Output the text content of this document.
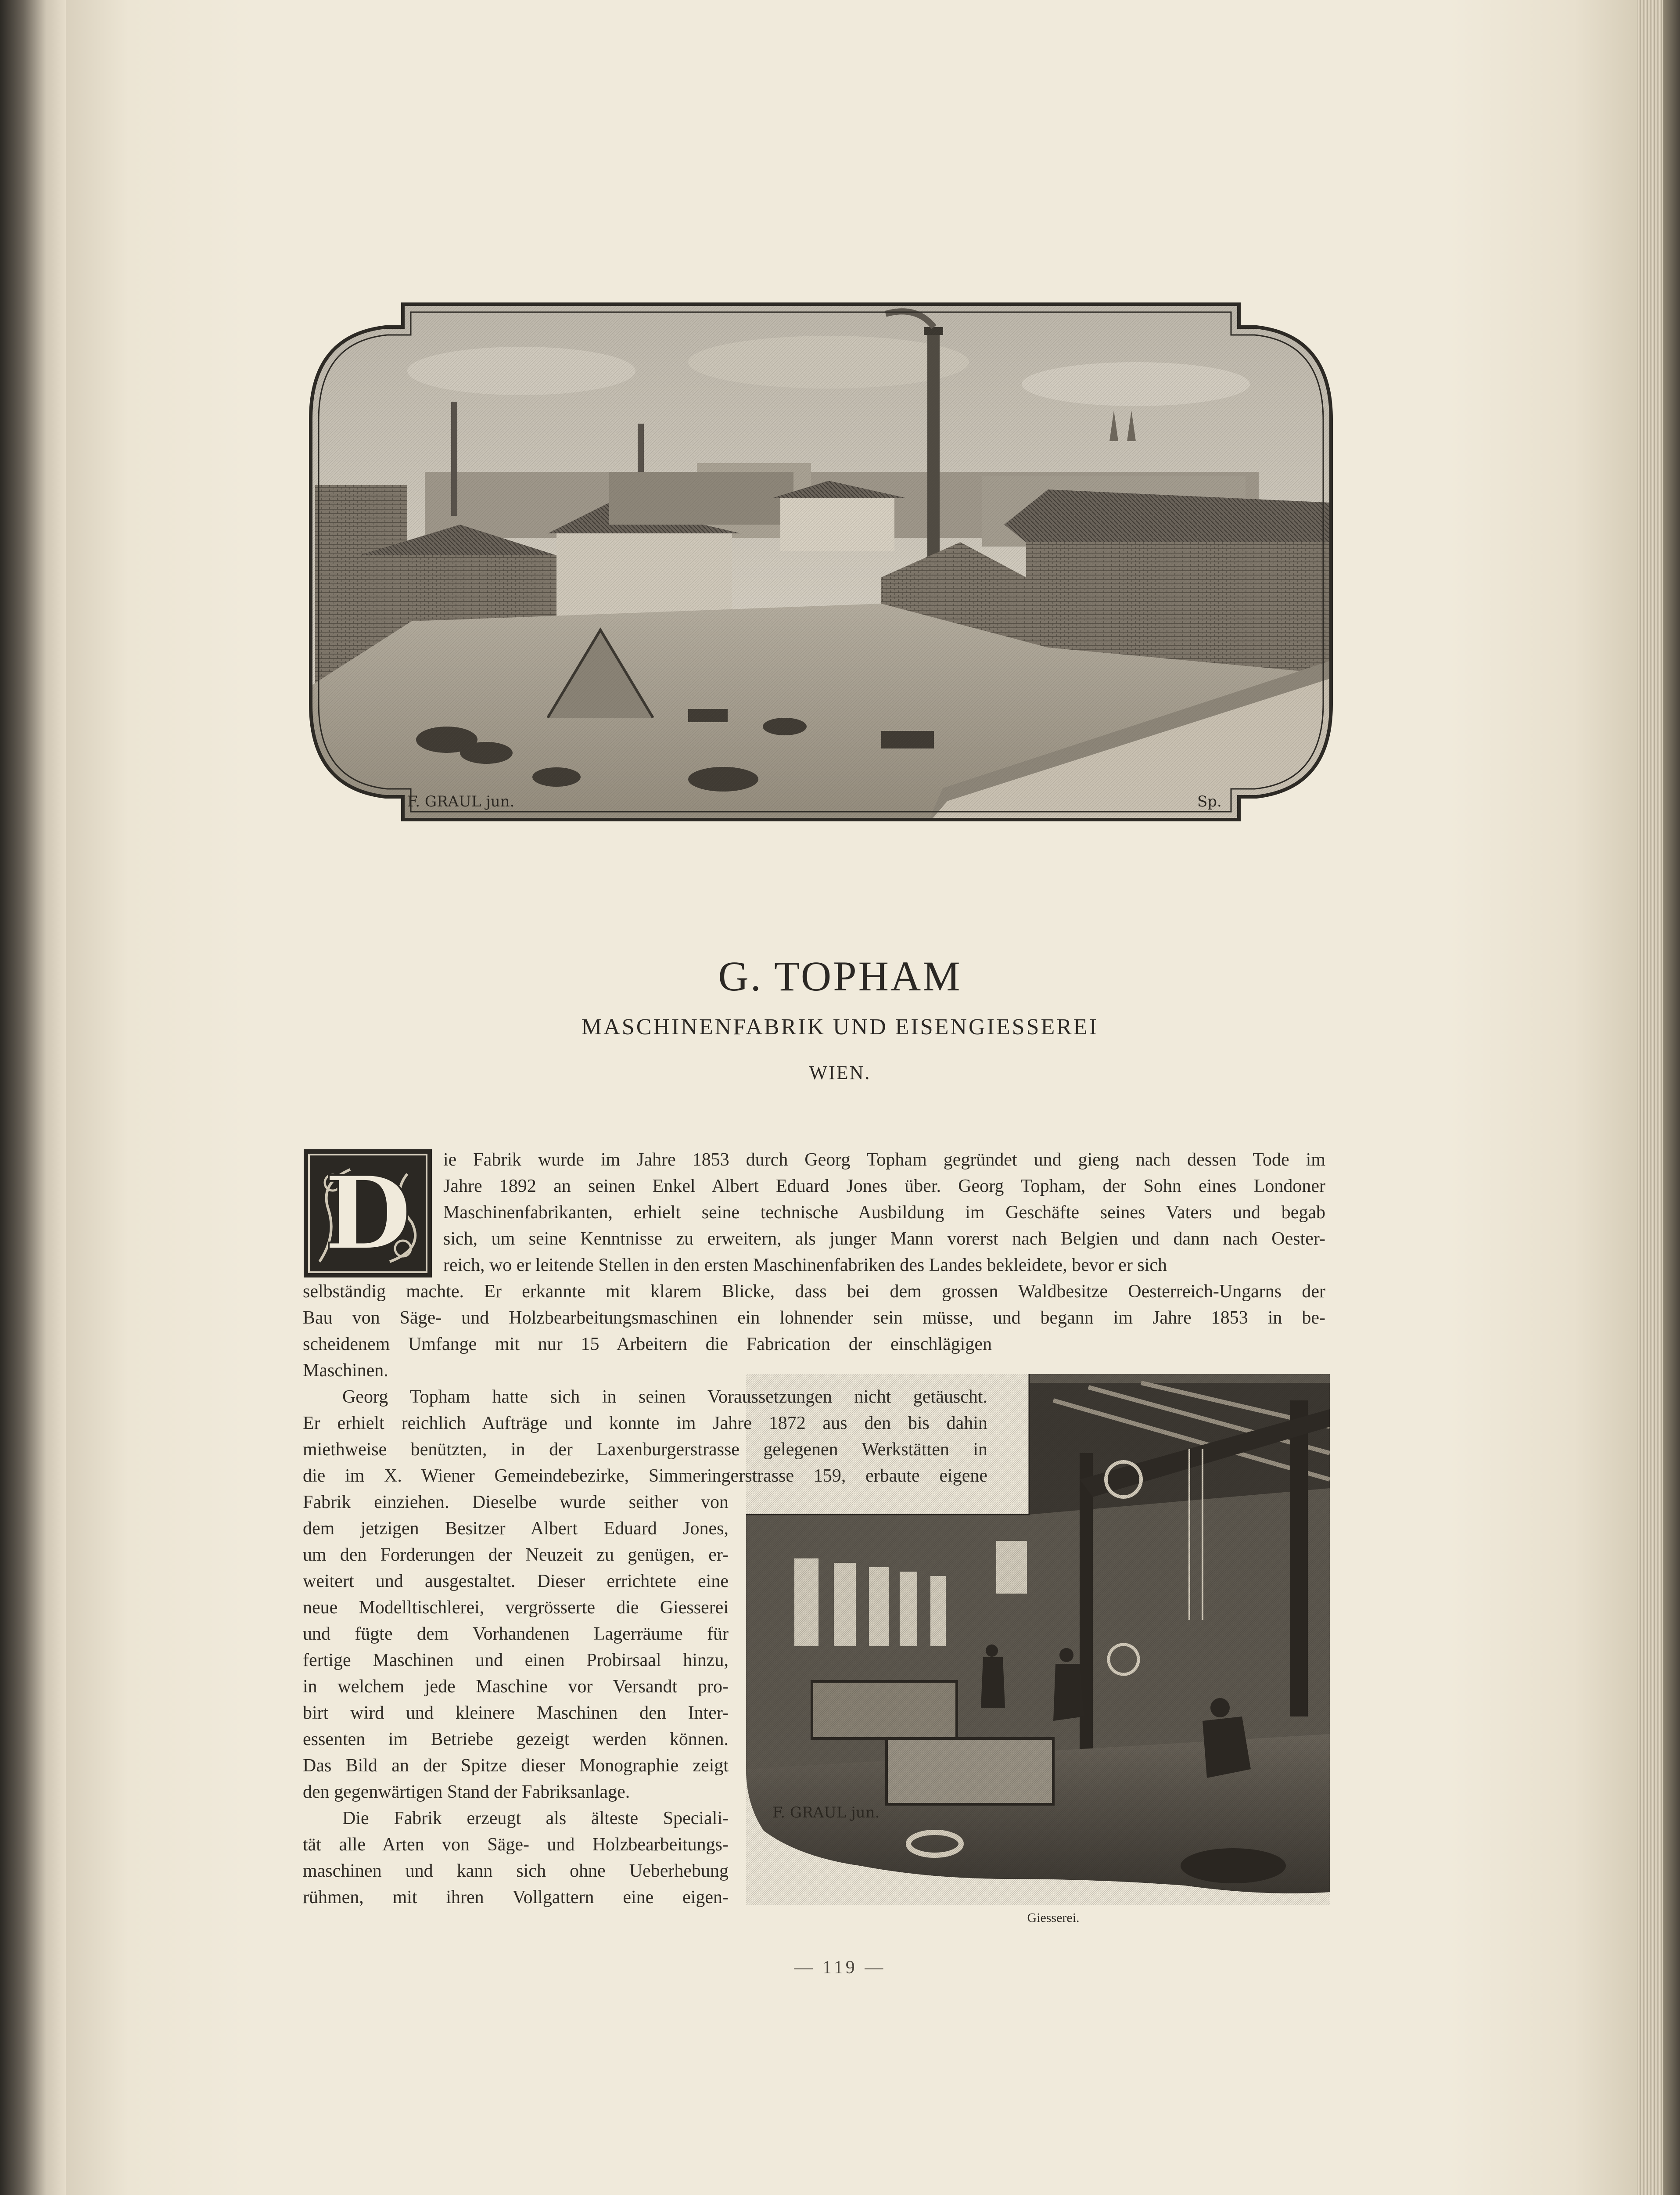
F. GRAUL jun.	Sp.
G. TOPHAM
MASCHINENFABRIK UND EISENGIESSEREI
WIEN.
D ie Fabrik wurde im Jahre 1853 durch Georg Topham gegründet und gieng nach dessen Tode im
Jahre 1892 an seinen Enkel Albert Eduard Jones über. Georg Topham, der Sohn eines Londoner
Maschinenfabrikanten, erhielt seine technische Ausbildung im Geschäfte seines Vaters und begab
sich, um seine Kenntnisse zu erweitern, als junger Mann vorerst nach Belgien und dann nach Oester-
reich, wo er leitende Stellen in den ersten Maschinenfabriken des Landes bekleidete, bevor er sich
selbständig machte. Er erkannte mit klarem Blicke, dass bei dem grossen Waldbesitze Oesterreich-Ungarns der
Bau von Säge- und Holzbearbeitungsmaschinen ein lohnender sein müsse, und begann im Jahre 1853 in be-
scheidenem Umfange mit nur 15 Arbeitern die Fabrication der einschlägigen
Maschinen.
Georg Topham hatte sich in seinen Voraussetzungen nicht getäuscht.
Er erhielt reichlich Aufträge und konnte im Jahre 1872 aus den bis dahin
miethweise benützten, in der Laxenburgerstrasse gelegenen Werkstätten in
die im X. Wiener Gemeindebezirke, Simmeringerstrasse 159, erbaute eigene
Fabrik einziehen. Dieselbe wurde seither von
dem jetzigen Besitzer Albert Eduard Jones,
um den Forderungen der Neuzeit zu genügen, er-
weitert und ausgestaltet. Dieser errichtete eine
neue Modelltischlerei, vergrösserte die Giesserei
und fügte dem Vorhandenen Lagerräume für
fertige Maschinen und einen Probirsaal hinzu,
in welchem jede Maschine vor Versandt pro-
birt wird und kleinere Maschinen den Inter-
essenten im Betriebe gezeigt werden können.
Das Bild an der Spitze dieser Monographie zeigt
den gegenwärtigen Stand der Fabriksanlage.
Die Fabrik erzeugt als älteste Speciali-
tät alle Arten von Säge- und Holzbearbeitungs-
maschinen und kann sich ohne Ueberhebung
rühmen, mit ihren Vollgattern eine eigen-
F. GRAUL jun.
Giesserei.
— 119 —
